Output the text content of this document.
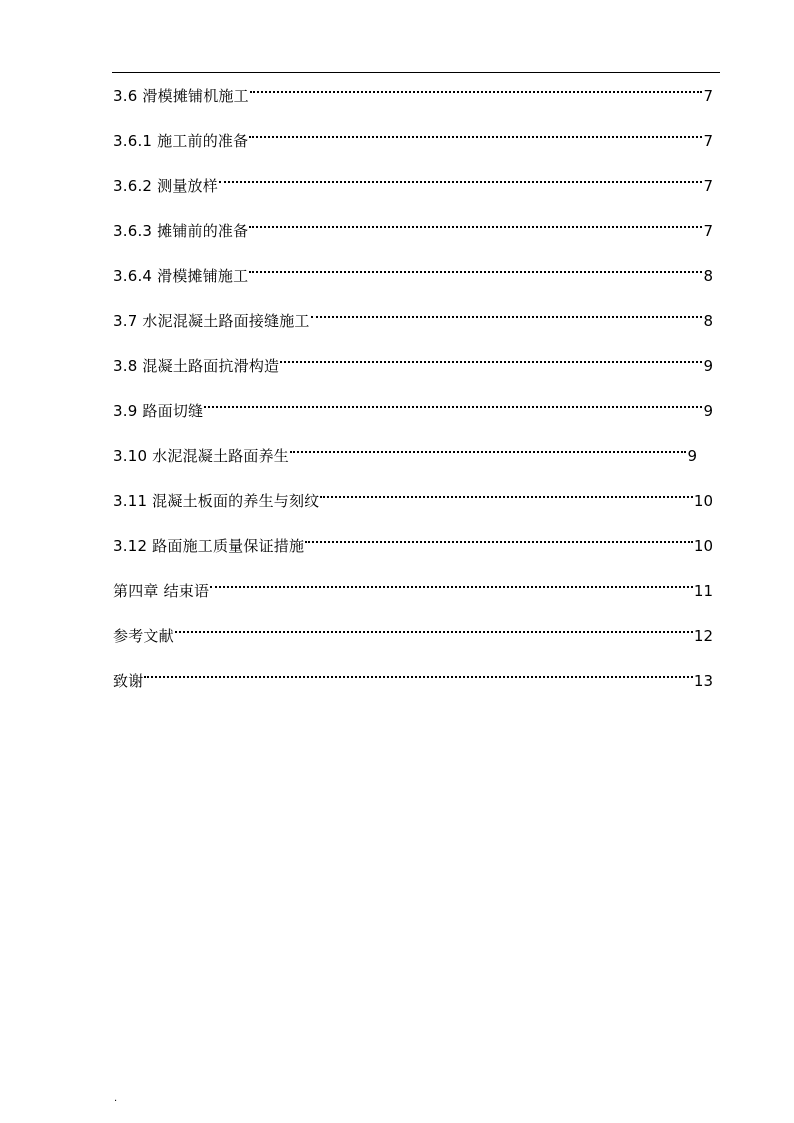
3.6 滑模摊铺机施工	7
3.6.1 施工前的准备	7
3.6.2 测量放样	7
3.6.3 摊铺前的准备	7
3.6.4 滑模摊铺施工	8
3.7 水泥混凝土路面接缝施工	8
3.8 混凝土路面抗滑构造	9
3.9 路面切缝	9
3.10 水泥混凝土路面养生	9
3.11 混凝土板面的养生与刻纹	10
3.12 路面施工质量保证措施	10
第四章 结束语	11
参考文献	12
致谢	13
.
